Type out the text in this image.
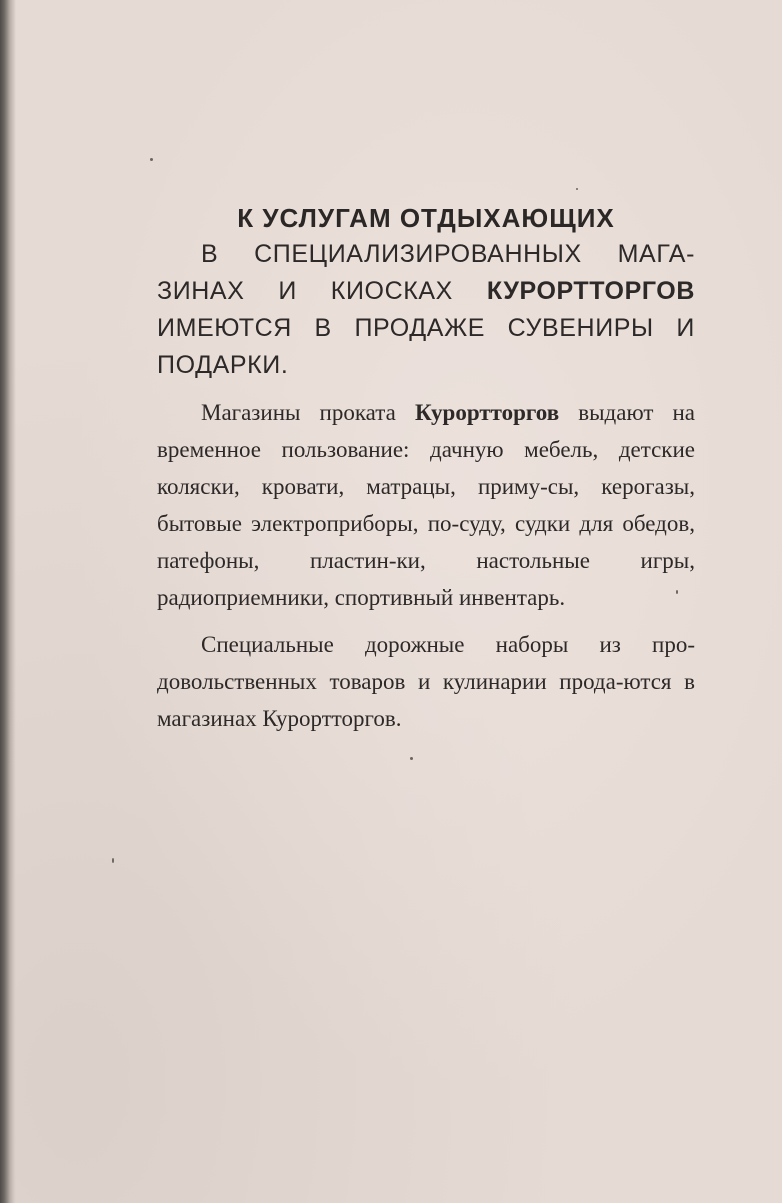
К УСЛУГАМ ОТДЫХАЮЩИХ

В СПЕЦИАЛИЗИРОВАННЫХ МАГА-ЗИНАХ И КИОСКАХ КУРОРТТОРГОВ ИМЕЮТСЯ В ПРОДАЖЕ СУВЕНИРЫ И ПОДАРКИ.

Магазины проката Курортторгов выдают на временное пользование: дачную мебель, детские коляски, кровати, матрацы, приму-сы, керогазы, бытовые электроприборы, по-суду, судки для обедов, патефоны, пластин-ки, настольные игры, радиоприемники, спортивный инвентарь.

Специальные дорожные наборы из про-довольственных товаров и кулинарии прода-ются в магазинах Курортторгов.
